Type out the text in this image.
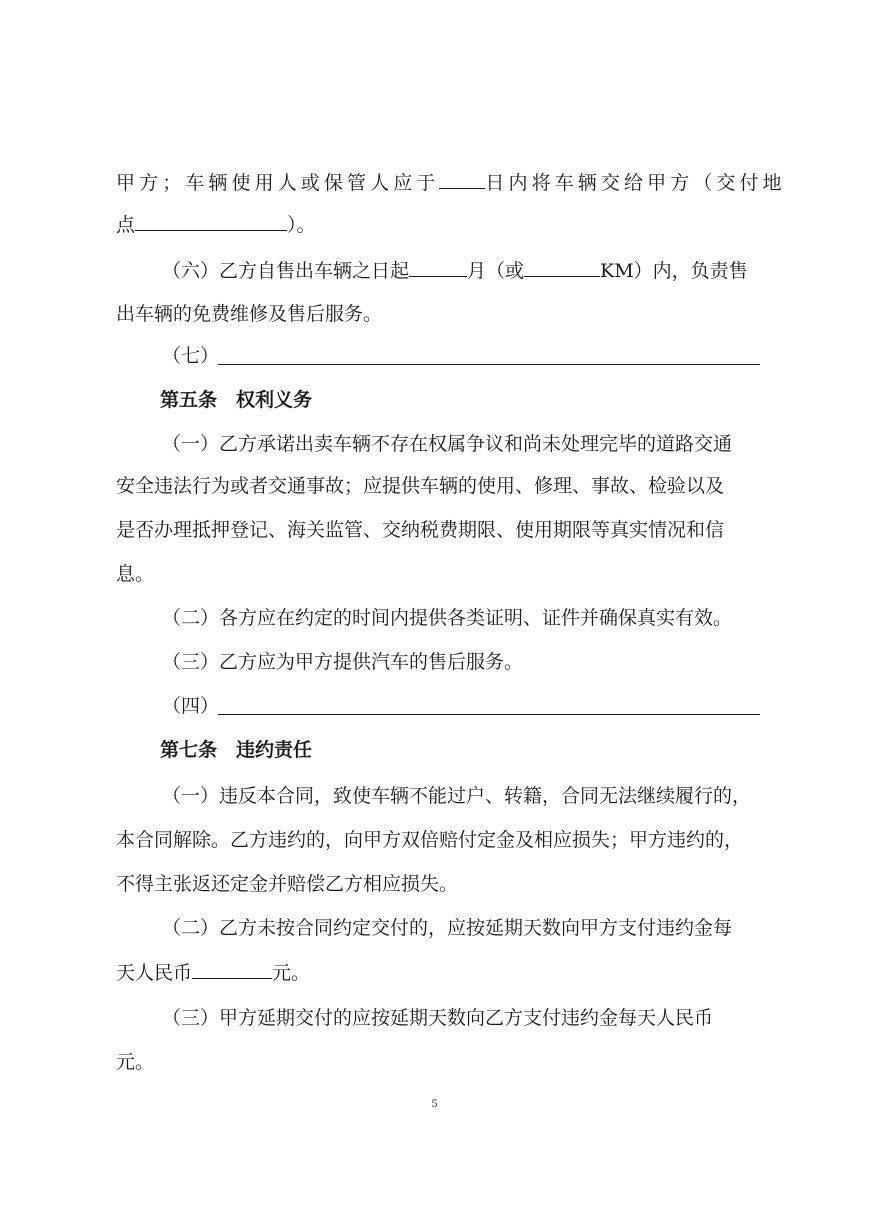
甲方；车辆使用人或保管人应于 日内将车辆交给甲方（交付地
点	）。
（六）乙方自售出车辆之日起	月（或	KM）内，负责售
出车辆的免费维修及售后服务。
（七）
第五条　权利义务
（一）乙方承诺出卖车辆不存在权属争议和尚未处理完毕的道路交通
安全违法行为或者交通事故；应提供车辆的使用、修理、事故、检验以及
是否办理抵押登记、海关监管、交纳税费期限、使用期限等真实情况和信
息。
（二）各方应在约定的时间内提供各类证明、证件并确保真实有效。
（三）乙方应为甲方提供汽车的售后服务。
（四）
第七条　违约责任
（一）违反本合同，致使车辆不能过户、转籍，合同无法继续履行的，
本合同解除。乙方违约的，向甲方双倍赔付定金及相应损失；甲方违约的，
不得主张返还定金并赔偿乙方相应损失。
（二）乙方未按合同约定交付的，应按延期天数向甲方支付违约金每
天人民币	元。
（三）甲方延期交付的应按延期天数向乙方支付违约金每天人民币
元。
5
